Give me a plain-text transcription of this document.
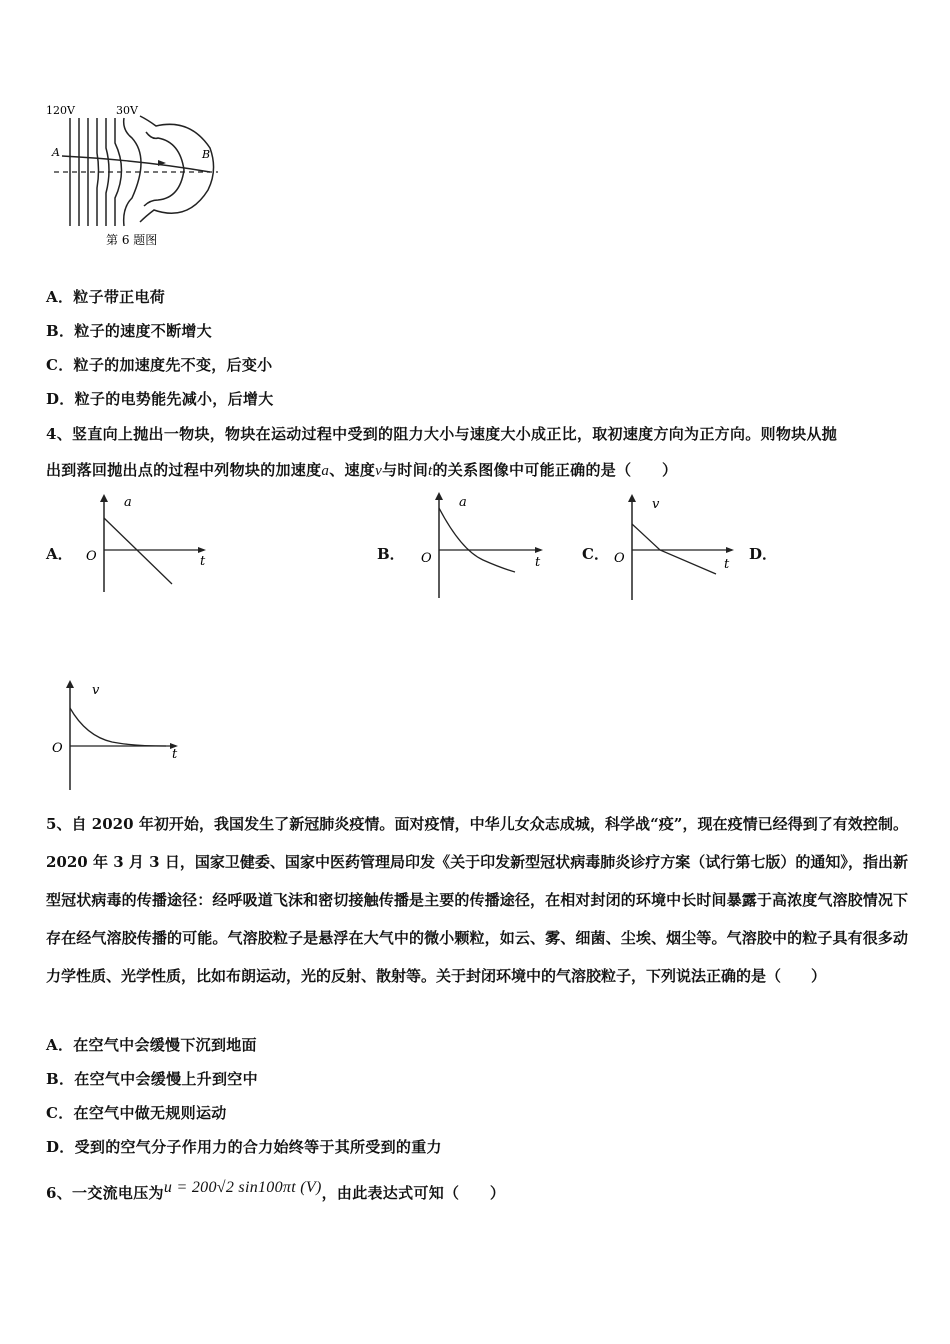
120V	30V
A	B
第 6 题图
A．粒子带正电荷
B．粒子的速度不断增大
C．粒子的加速度先不变，后变小
D．粒子的电势能先减小，后增大
4、竖直向上抛出一物块，物块在运动过程中受到的阻力大小与速度大小成正比，取初速度方向为正方向。则物块从抛
出到落回抛出点的过程中列物块的加速度a、速度v与时间t的关系图像中可能正确的是（　　）
A．	B．	C．	D．
a
O	t
a
O	t
v
O	t
v
O	t
5、自 2020 年初开始，我国发生了新冠肺炎疫情。面对疫情，中华儿女众志成城，科学战“疫”，现在疫情已经得到了有效控制。2020 年 3 月 3 日，国家卫健委、国家中医药管理局印发《关于印发新型冠状病毒肺炎诊疗方案（试行第七版）的通知》，指出新型冠状病毒的传播途径：经呼吸道飞沫和密切接触传播是主要的传播途径，在相对封闭的环境中长时间暴露于高浓度气溶胶情况下存在经气溶胶传播的可能。气溶胶粒子是悬浮在大气中的微小颗粒，如云、雾、细菌、尘埃、烟尘等。气溶胶中的粒子具有很多动力学性质、光学性质，比如布朗运动，光的反射、散射等。关于封闭环境中的气溶胶粒子，下列说法正确的是（　　）
A．在空气中会缓慢下沉到地面
B．在空气中会缓慢上升到空中
C．在空气中做无规则运动
D．受到的空气分子作用力的合力始终等于其所受到的重力
6、一交流电压为u = 200√2 sin100πt (V)，由此表达式可知（　　）
